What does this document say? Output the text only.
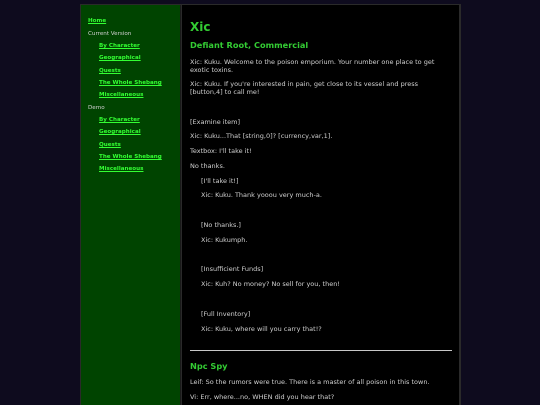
Home
Current Version
By Character
Geographical
Quests
The Whole Shebang
Miscellaneous
Demo
By Character
Geographical
Quests
The Whole Shebang
Miscellaneous
Xic
Defiant Root, Commercial
Xic: Kuku. Welcome to the poison emporium. Your number one place to get exotic toxins.
Xic: Kuku. If you're interested in pain, get close to its vessel and press [button,4] to call me!
[Examine item]
Xic: Kuku...That [string,0]? [currency,var,1].
Textbox: I'll take it!
No thanks.
[I'll take it!]
Xic: Kuku. Thank yooou very much-a.
[No thanks.]
Xic: Kukumph.
[Insufficient Funds]
Xic: Kuh? No money? No sell for you, then!
[Full Inventory]
Xic: Kuku, where will you carry that!?
Npc Spy
Leif: So the rumors were true. There is a master of all poison in this town.
Vi: Err, where...no, WHEN did you hear that?
